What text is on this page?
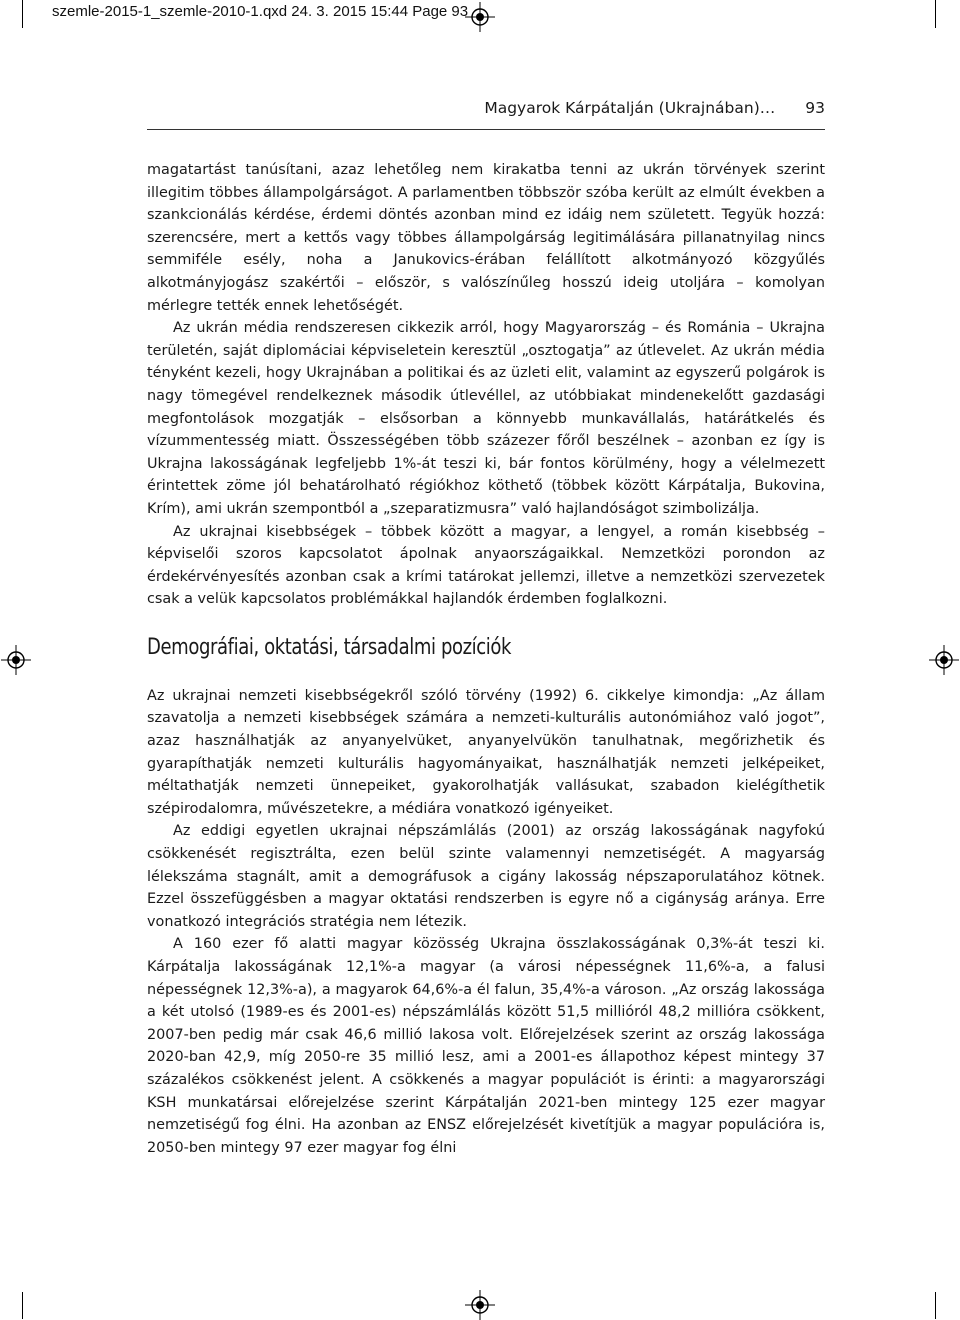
szemle-2015-1_szemle-2010-1.qxd 24. 3. 2015 15:44 Page 93
Magyarok Kárpátalján (Ukrajnában)… 93

magatartást tanúsítani, azaz lehetőleg nem kirakatba tenni az ukrán törvények szerint illegitim többes állampolgárságot. A parlamentben többször szóba került az elmúlt években a szankcionálás kérdése, érdemi döntés azonban mind ez idáig nem született. Tegyük hozzá: szerencsére, mert a kettős vagy többes állampolgárság legitimálására pillanatnyilag nincs semmiféle esély, noha a Janukovics-érában felállított alkotmányozó közgyűlés alkotmányjogász szakértői – először, s valószínűleg hosszú ideig utoljára – komolyan mérlegre tették ennek lehetőségét.

Az ukrán média rendszeresen cikkezik arról, hogy Magyarország – és Románia – Ukrajna területén, saját diplomáciai képviseletein keresztül „osztogatja” az útlevelet. Az ukrán média tényként kezeli, hogy Ukrajnában a politikai és az üzleti elit, valamint az egyszerű polgárok is nagy tömegével rendelkeznek második útlevéllel, az utóbbiakat mindenekelőtt gazdasági megfontolások mozgatják – elsősorban a könnyebb munkavállalás, határátkelés és vízummentesség miatt. Összességében több százezer főről beszélnek – azonban ez így is Ukrajna lakosságának legfeljebb 1%-át teszi ki, bár fontos körülmény, hogy a vélelmezett érintettek zöme jól behatárolható régiókhoz köthető (többek között Kárpátalja, Bukovina, Krím), ami ukrán szempontból a „szeparatizmusra” való hajlandóságot szimbolizálja.

Az ukrajnai kisebbségek – többek között a magyar, a lengyel, a román kisebbség – képviselői szoros kapcsolatot ápolnak anyaországaikkal. Nemzetközi porondon az érdekérvényesítés azonban csak a krími tatárokat jellemzi, illetve a nemzetközi szervezetek csak a velük kapcsolatos problémákkal hajlandók érdemben foglalkozni.

Demográfiai, oktatási, társadalmi pozíciók

Az ukrajnai nemzeti kisebbségekről szóló törvény (1992) 6. cikkelye kimondja: „Az állam szavatolja a nemzeti kisebbségek számára a nemzeti-kulturális autonómiához való jogot”, azaz használhatják az anyanyelvüket, anyanyelvükön tanulhatnak, megőrizhetik és gyarapíthatják nemzeti kulturális hagyományaikat, használhatják nemzeti jelképeiket, méltathatják nemzeti ünnepeiket, gyakorolhatják vallásukat, szabadon kielégíthetik szépirodalomra, művészetekre, a médiára vonatkozó igényeiket.

Az eddigi egyetlen ukrajnai népszámlálás (2001) az ország lakosságának nagyfokú csökkenését regisztrálta, ezen belül szinte valamennyi nemzetiségét. A magyarság lélekszáma stagnált, amit a demográfusok a cigány lakosság népszaporulatához kötnek. Ezzel összefüggésben a magyar oktatási rendszerben is egyre nő a cigányság aránya. Erre vonatkozó integrációs stratégia nem létezik.

A 160 ezer fő alatti magyar közösség Ukrajna összlakosságának 0,3%-át teszi ki. Kárpátalja lakosságának 12,1%-a magyar (a városi népességnek 11,6%-a, a falusi népességnek 12,3%-a), a magyarok 64,6%-a él falun, 35,4%-a városon. „Az ország lakossága a két utolsó (1989-es és 2001-es) népszámlálás között 51,5 millióról 48,2 millióra csökkent, 2007-ben pedig már csak 46,6 millió lakosa volt. Előrejelzések szerint az ország lakossága 2020-ban 42,9, míg 2050-re 35 millió lesz, ami a 2001-es állapothoz képest mintegy 37 százalékos csökkenést jelent. A csökkenés a magyar populációt is érinti: a magyarországi KSH munkatársai előrejelzése szerint Kárpátalján 2021-ben mintegy 125 ezer magyar nemzetiségű fog élni. Ha azonban az ENSZ előrejelzését kivetítjük a magyar populációra is, 2050-ben mintegy 97 ezer magyar fog élni
